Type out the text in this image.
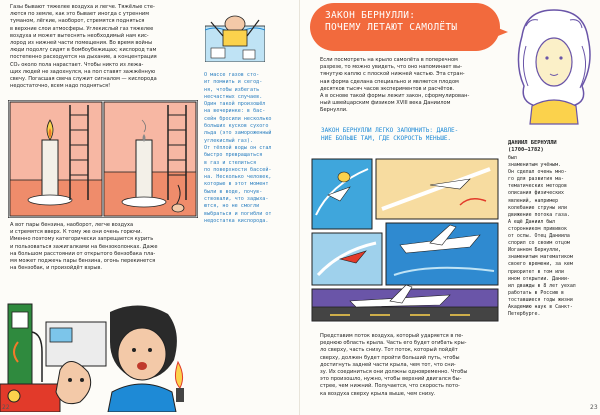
Газы бывают тяжелее воздуха и легче. Тяжёлые сте-
лются по земле, как это бывает иногда с утренним
туманом, лёгкие, наоборот, стремятся подняться
в верхние слои атмосферы. Углекислый газ тяжелее
воздуха и может вытеснять необходимый нам кис-
лород из нижней части помещения. Во время войны
люди подолгу сидят в бомбоубежищах; кислород там
постепенно расходуется на дыхание, а концентрация
CO₂ около пола нарастает. Чтобы никто из лежа-
щих людей не задохнулся, на пол ставят зажжённую
свечу. Погасшая свеча служит сигналом — кислорода
недостаточно, всем надо подняться!
А вот пары бензина, наоборот, легче воздуха
и стремятся вверх. К тому же они очень горючи.
Именно поэтому категорически запрещается курить
и пользоваться зажигалками на бензоколонках. Даже
на большом расстоянии от открытого бензобака пла-
мя может поджечь пары бензина, огонь перекинется
на бензобак, и произойдёт взрыв.
О массе газов сто-
ит помнить и сегод-
ня, чтобы избегать
несчастных случаев.
Один такой произошёл
на вечеринке: в бас-
сейн бросили несколько
больших кусков сухого
льда (это замороженный
углекислый газ).
От тёплой воды он стал
быстро превращаться
в газ и стелиться
по поверхности бассей-
на. Несколько человек,
которые в этот момент
были в воде, почув-
ствовали, что задыха-
ются, но не смогли
выбраться и погибли от
недостатка кислорода.
22	23
ЗАКОН БЕРНУЛЛИ:
ПОЧЕМУ ЛЕТАЮТ САМОЛЁТЫ
Если посмотреть на крыло самолёта в поперечном
разрезе, то можно увидеть, что оно напоминает вы-
тянутую каплю с плоской нижней частью. Эта стран-
ная форма сделана специально и является плодом
десятков тысяч часов экспериментов и расчётов.
А в основе такой формы лежит закон, сформулирован-
ный швейцарским физиком XVIII века Даниилом
Бернулли.
ЗАКОН БЕРНУЛЛИ ЛЕГКО ЗАПОМНИТЬ: ДАВЛЕ-
НИЕ БОЛЬШЕ ТАМ, ГДЕ СКОРОСТЬ МЕНЬШЕ.
ДАНИИЛ БЕРНУЛЛИ
(1700–1782)
был
знаменитым учёным.
Он сделал очень мно-
го для развития ма-
тематических методов
описания физических
явлений, например
колебание струны или
движение потока газа.
А ещё Даниил был
сторонником прививок
от оспы. Отец Даниила
спорил со своим отцом
Иоганном Бернулли,
знаменитым математиком
своего времени, за кем
приоритет в том или
ином открытии. Дании-
ил дважды в 8 лет уехал
работать в Россию в
тоставшиеся годы жизни
Академию наук в Санкт-
Петербурге.
Представим поток воздуха, который ударяется в пе-
реднюю область крыла. Часть его будет огибать кры-
ло сверху, часть снизу. Тот поток, который пойдёт
сверху, должен будет пройти больший путь, чтобы
достигнуть задней части крыла, чем тот, что сни-
зу. Их соединиться они должны одновременно. Чтобы
это произошло, нужно, чтобы верхний двигался бы-
стрее, чем нижний. Получается, что скорость пото-
ка воздуха сверху крыла выше, чем снизу.
